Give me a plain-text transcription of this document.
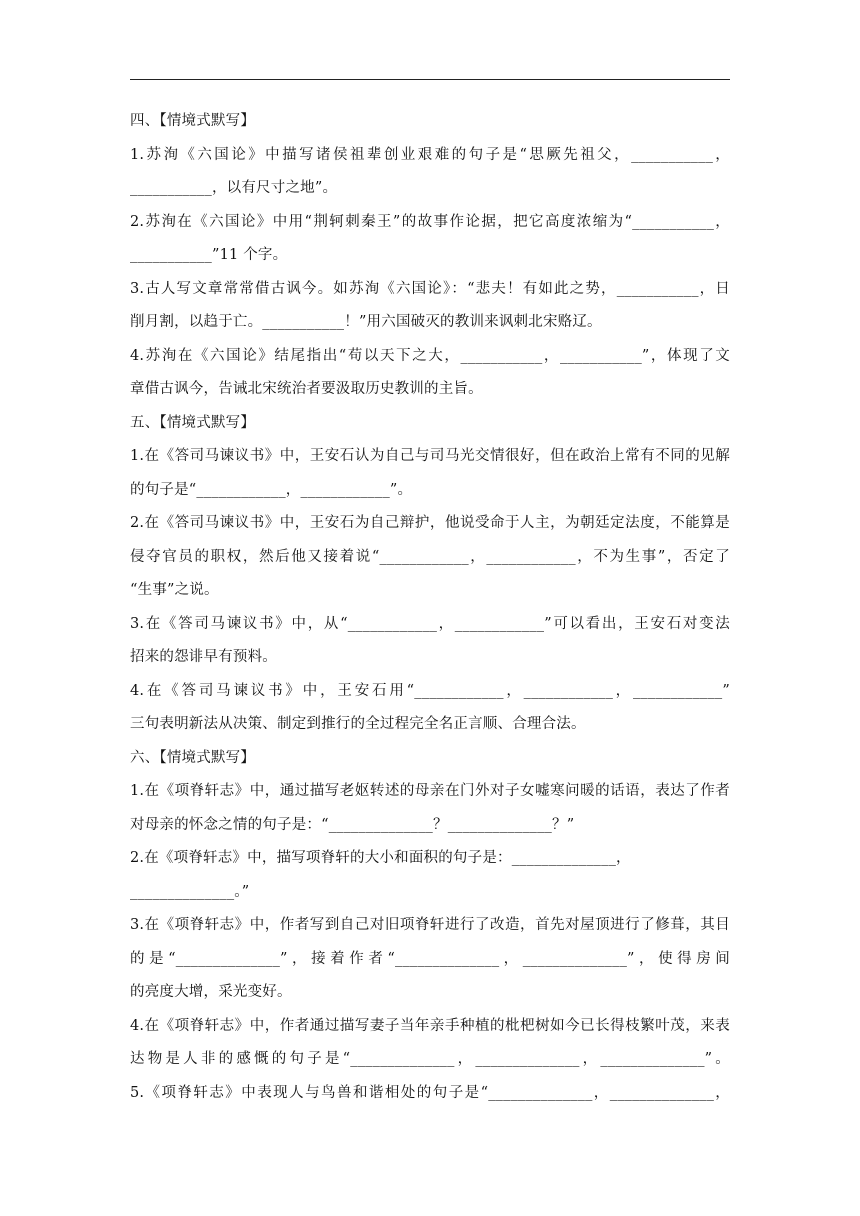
四、【情境式默写】
1.苏洵《六国论》中描写诸侯祖辈创业艰难的句子是“思厥先祖父，___________，
___________，以有尺寸之地”。
2.苏洵在《六国论》中用“荆轲刺秦王”的故事作论据，把它高度浓缩为“___________，
___________”11 个字。
3.古人写文章常常借古讽今。如苏洵《六国论》：“悲夫！有如此之势，___________，日
削月割，以趋于亡。___________！”用六国破灭的教训来讽刺北宋赂辽。
4.苏洵在《六国论》结尾指出“苟以天下之大，___________，___________”，体现了文
章借古讽今，告诫北宋统治者要汲取历史教训的主旨。
五、【情境式默写】
1.在《答司马谏议书》中，王安石认为自己与司马光交情很好，但在政治上常有不同的见解
的句子是“____________，____________”。
2.在《答司马谏议书》中，王安石为自己辩护，他说受命于人主，为朝廷定法度，不能算是
侵夺官员的职权，然后他又接着说“____________，____________，不为生事”，否定了
“生事”之说。
3.在《答司马谏议书》中，从“____________，____________”可以看出，王安石对变法
招来的怨诽早有预料。
4.在《答司马谏议书》中，王安石用“____________，____________，____________”
三句表明新法从决策、制定到推行的全过程完全名正言顺、合理合法。
六、【情境式默写】
1.在《项脊轩志》中，通过描写老妪转述的母亲在门外对子女嘘寒问暖的话语，表达了作者
对母亲的怀念之情的句子是：“______________？______________？”
2.在《项脊轩志》中，描写项脊轩的大小和面积的句子是：______________，
______________。”
3.在《项脊轩志》中，作者写到自己对旧项脊轩进行了改造，首先对屋顶进行了修葺，其目
的是“______________”，接着作者“______________，______________”，使得房间
的亮度大增，采光变好。
4.在《项脊轩志》中，作者通过描写妻子当年亲手种植的枇杷树如今已长得枝繁叶茂，来表
达物是人非的感慨的句子是“______________，______________，______________”。
5.《项脊轩志》中表现人与鸟兽和谐相处的句子是“______________，______________，
